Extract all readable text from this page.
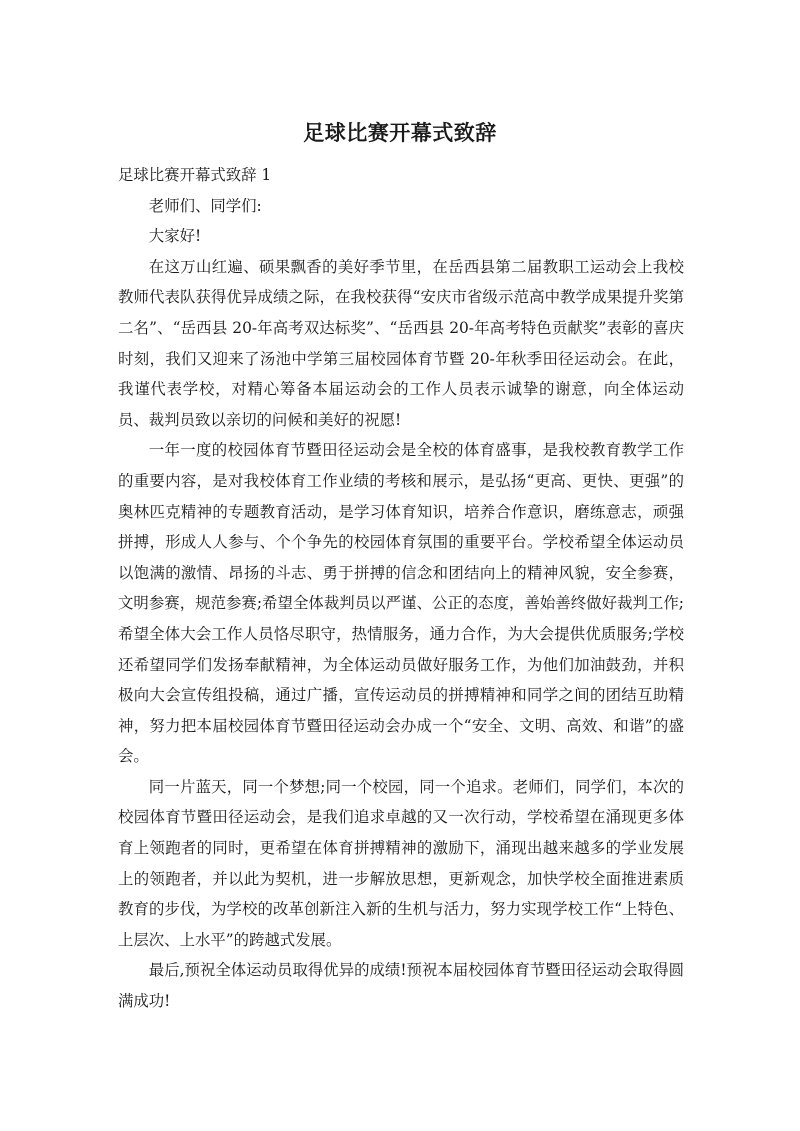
足球比赛开幕式致辞

足球比赛开幕式致辞 1

老师们、同学们:

大家好!

在这万山红遍、硕果飘香的美好季节里，在岳西县第二届教职工运动会上我校教师代表队获得优异成绩之际，在我校获得“安庆市省级示范高中教学成果提升奖第二名”、“岳西县 20-年高考双达标奖”、“岳西县 20-年高考特色贡献奖”表彰的喜庆时刻，我们又迎来了汤池中学第三届校园体育节暨 20-年秋季田径运动会。在此，我谨代表学校，对精心筹备本届运动会的工作人员表示诚挚的谢意，向全体运动员、裁判员致以亲切的问候和美好的祝愿!

一年一度的校园体育节暨田径运动会是全校的体育盛事，是我校教育教学工作的重要内容，是对我校体育工作业绩的考核和展示，是弘扬“更高、更快、更强”的奥林匹克精神的专题教育活动，是学习体育知识，培养合作意识，磨练意志，顽强拼搏，形成人人参与、个个争先的校园体育氛围的重要平台。学校希望全体运动员以饱满的激情、昂扬的斗志、勇于拼搏的信念和团结向上的精神风貌，安全参赛，文明参赛，规范参赛;希望全体裁判员以严谨、公正的态度，善始善终做好裁判工作;希望全体大会工作人员恪尽职守，热情服务，通力合作，为大会提供优质服务;学校还希望同学们发扬奉献精神，为全体运动员做好服务工作，为他们加油鼓劲，并积极向大会宣传组投稿，通过广播，宣传运动员的拼搏精神和同学之间的团结互助精神，努力把本届校园体育节暨田径运动会办成一个“安全、文明、高效、和谐”的盛会。

同一片蓝天，同一个梦想;同一个校园，同一个追求。老师们，同学们，本次的校园体育节暨田径运动会，是我们追求卓越的又一次行动，学校希望在涌现更多体育上领跑者的同时，更希望在体育拼搏精神的激励下，涌现出越来越多的学业发展上的领跑者，并以此为契机，进一步解放思想，更新观念，加快学校全面推进素质教育的步伐，为学校的改革创新注入新的生机与活力，努力实现学校工作“上特色、上层次、上水平”的跨越式发展。

最后,预祝全体运动员取得优异的成绩!预祝本届校园体育节暨田径运动会取得圆满成功!
